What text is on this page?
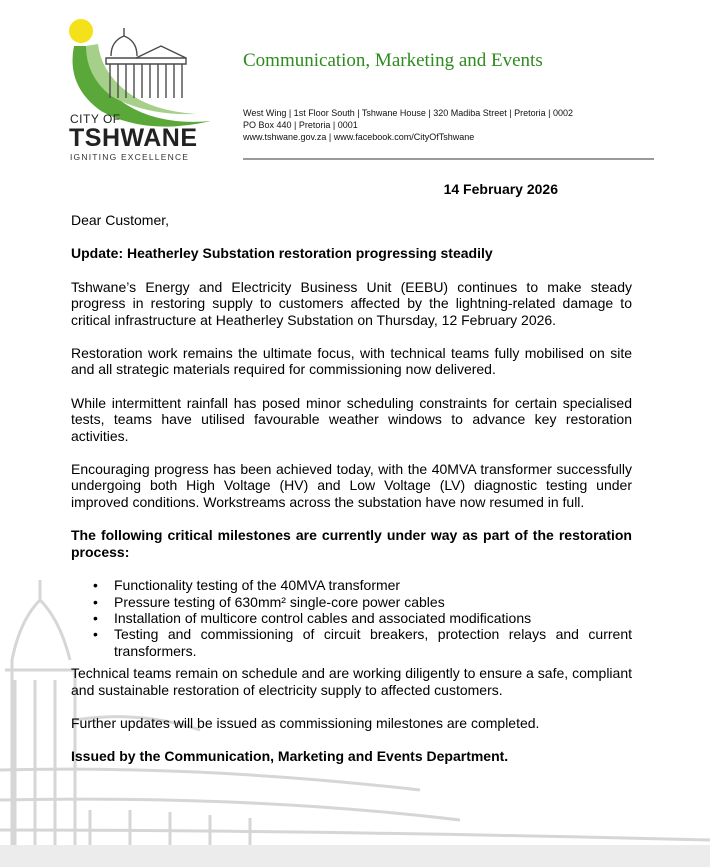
CITY OF
TSHWANE
IGNITING EXCELLENCE
Communication, Marketing and Events
West Wing | 1st Floor South | Tshwane House | 320 Madiba Street | Pretoria | 0002
PO Box 440 | Pretoria | 0001
www.tshwane.gov.za | www.facebook.com/CityOfTshwane
14 February 2026

Dear Customer,

Update: Heatherley Substation restoration progressing steadily

Tshwane’s Energy and Electricity Business Unit (EEBU) continues to make steady progress in restoring supply to customers affected by the lightning-related damage to critical infrastructure at Heatherley Substation on Thursday, 12 February 2026.

Restoration work remains the ultimate focus, with technical teams fully mobilised on site and all strategic materials required for commissioning now delivered.

While intermittent rainfall has posed minor scheduling constraints for certain specialised tests, teams have utilised favourable weather windows to advance key restoration activities.

Encouraging progress has been achieved today, with the 40MVA transformer successfully undergoing both High Voltage (HV) and Low Voltage (LV) diagnostic testing under improved conditions. Workstreams across the substation have now resumed in full.

The following critical milestones are currently under way as part of the restoration process:

• Functionality testing of the 40MVA transformer
• Pressure testing of 630mm² single-core power cables
• Installation of multicore control cables and associated modifications
• Testing and commissioning of circuit breakers, protection relays and current transformers.

Technical teams remain on schedule and are working diligently to ensure a safe, compliant and sustainable restoration of electricity supply to affected customers.

Further updates will be issued as commissioning milestones are completed.

Issued by the Communication, Marketing and Events Department.
